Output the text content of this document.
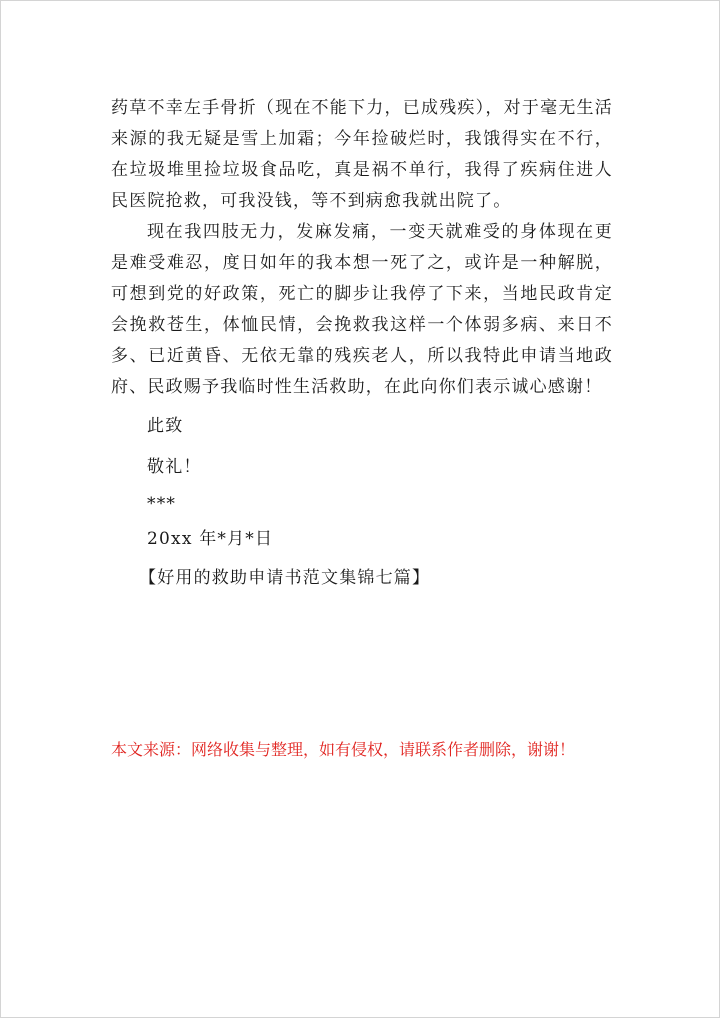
药草不幸左手骨折（现在不能下力，已成残疾），对于毫无生活来源的我无疑是雪上加霜；今年捡破烂时，我饿得实在不行，在垃圾堆里捡垃圾食品吃，真是祸不单行，我得了疾病住进人民医院抢救，可我没钱，等不到病愈我就出院了。

现在我四肢无力，发麻发痛，一变天就难受的身体现在更是难受难忍，度日如年的我本想一死了之，或许是一种解脱，可想到党的好政策，死亡的脚步让我停了下来，当地民政肯定会挽救苍生，体恤民情，会挽救我这样一个体弱多病、来日不多、已近黄昏、无依无靠的残疾老人，所以我特此申请当地政府、民政赐予我临时性生活救助，在此向你们表示诚心感谢！

此致

敬礼！

***

20xx 年*月*日

【好用的救助申请书范文集锦七篇】

本文来源：网络收集与整理，如有侵权，请联系作者删除，谢谢！
